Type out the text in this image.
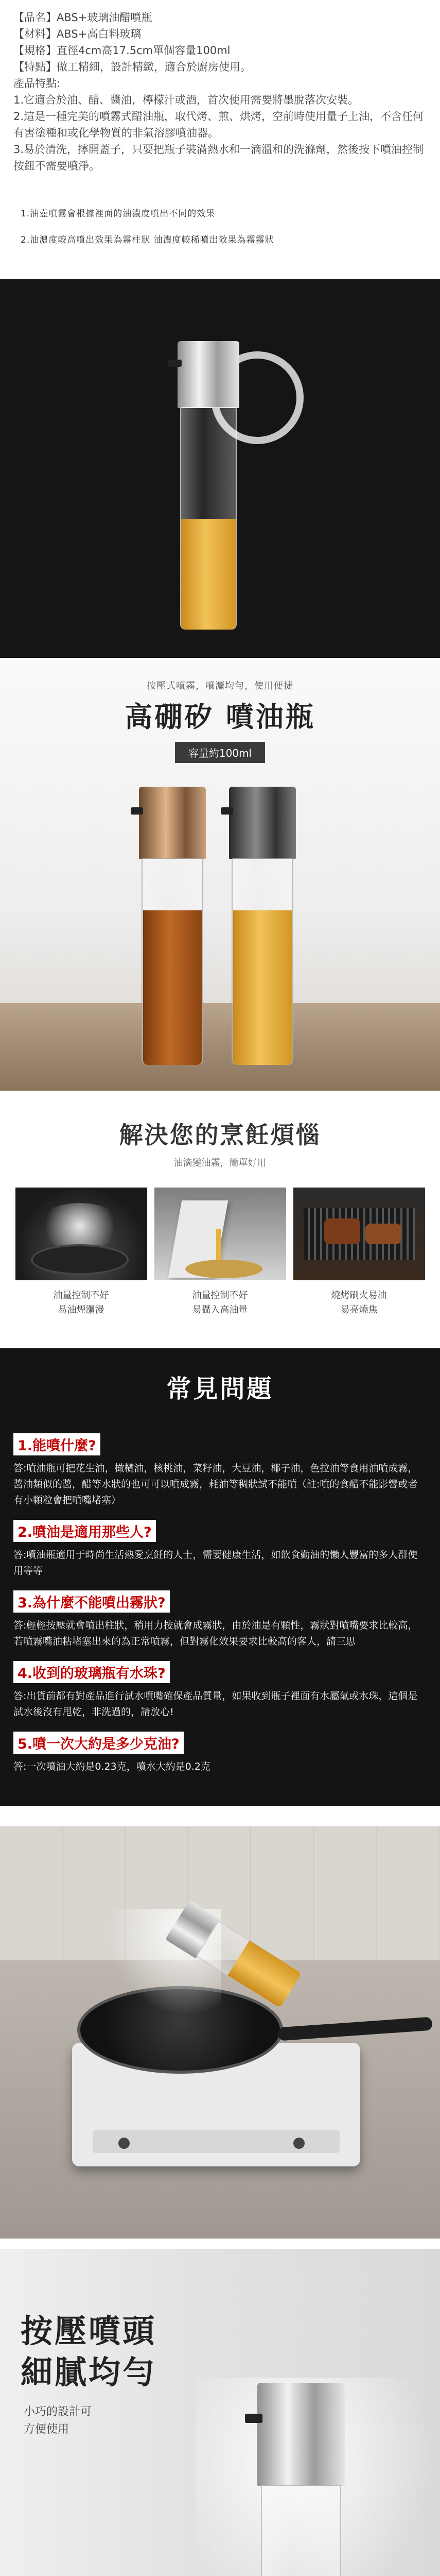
【品名】ABS+玻璃油醋噴瓶

【材料】ABS+高白料玻璃

【規格】直徑4cm高17.5cm單個容量100ml

【特點】做工精細，設計精緻，適合於廚房使用。

產品特點:

1.它適合於油、醋、醬油，檸檬汁或酒，首次使用需要將墨脫落次安裝。

2.這是一種完美的噴霧式醋油瓶，取代烤、煎、烘烤，空前時使用量子上油，不含任何有害塗種和或化學物質的非氣溶膠噴油器。

3.易於清洗，擰開蓋子，只要把瓶子裝滿熱水和一滴溫和的洗滌劑，然後按下噴油控制按鈕不需要噴淨。

1.油壺噴霧會根據裡面的油濃度噴出不同的效果

2.油濃度較高噴出效果為霧柱狀 油濃度較稀噴出效果為霧霧狀

按壓式噴霧，噴灑均勻，使用便捷

高硼矽 噴油瓶
容量約100ml
解決您的烹飪煩惱

油滴變油霧，簡單好用

油量控制不好
易油煙瀰漫
油量控制不好
易攝入高油量
燒烤刷火易油
易亮燒焦
常見問題
1.能噴什麼?

答:噴油瓶可把花生油，橄欖油，核桃油，菜籽油，大豆油，椰子油，色拉油等食用油噴成霧，醬油類似的醬，醋等水狀的也可可以噴成霧，耗油等稠狀試不能噴（註:噴的食醋不能影響或者有小顆粒會把噴嘴堵塞）

2.噴油是適用那些人?

答:噴油瓶適用于時尚生活熱愛烹飪的人士，需要健康生活，如飲食勤油的懶人豐富的多人群使用等等

3.為什麼不能噴出霧狀?

答:輕輕按壓就會噴出柱狀，稍用力按就會成霧狀，由於油是有顆性，霧狀對噴嘴要求比較高，若噴霧嘴油粘堵塞出來的為正常噴霧，但對霧化效果要求比較高的客人，請三思

4.收到的玻璃瓶有水珠?

答:出貨前都有對產品進行試水噴嘴確保產品質量，如果收到瓶子裡面有水屬氣或水珠，這個是試水後沒有甩乾，非洗過的，請放心!

5.噴一次大約是多少克油?

答:一次噴油大約是0.23克，噴水大約是0.2克

按壓噴頭
細膩均勻

小巧的設計可
方便使用
